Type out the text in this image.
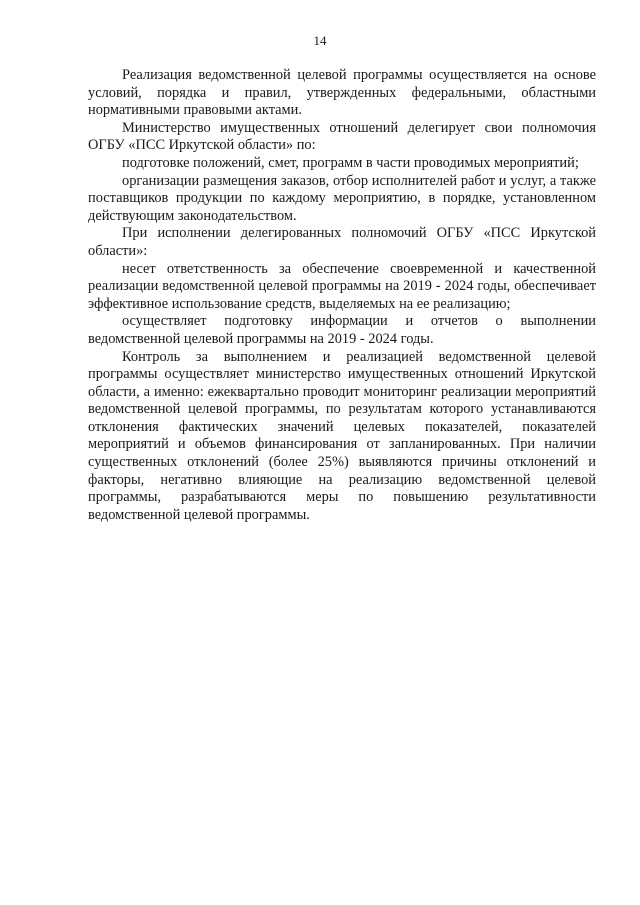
14

Реализация ведомственной целевой программы осуществляется на основе условий, порядка и правил, утвержденных федеральными, областными нормативными правовыми актами.

Министерство имущественных отношений делегирует свои полномочия ОГБУ «ПСС Иркутской области» по:

подготовке положений, смет, программ в части проводимых мероприятий;

организации размещения заказов, отбор исполнителей работ и услуг, а также поставщиков продукции по каждому мероприятию, в порядке, установленном действующим законодательством.

При исполнении делегированных полномочий ОГБУ «ПСС Иркутской области»:

несет ответственность за обеспечение своевременной и качественной реализации ведомственной целевой программы на 2019 - 2024 годы, обеспечивает эффективное использование средств, выделяемых на ее реализацию;

осуществляет подготовку информации и отчетов о выполнении ведомственной целевой программы на 2019 - 2024 годы.

Контроль за выполнением и реализацией ведомственной целевой программы осуществляет министерство имущественных отношений Иркутской области, а именно: ежеквартально проводит мониторинг реализации мероприятий ведомственной целевой программы, по результатам которого устанавливаются отклонения фактических значений целевых показателей, показателей мероприятий и объемов финансирования от запланированных. При наличии существенных отклонений (более 25%) выявляются причины отклонений и факторы, негативно влияющие на реализацию ведомственной целевой программы, разрабатываются меры по повышению результативности ведомственной целевой программы.
